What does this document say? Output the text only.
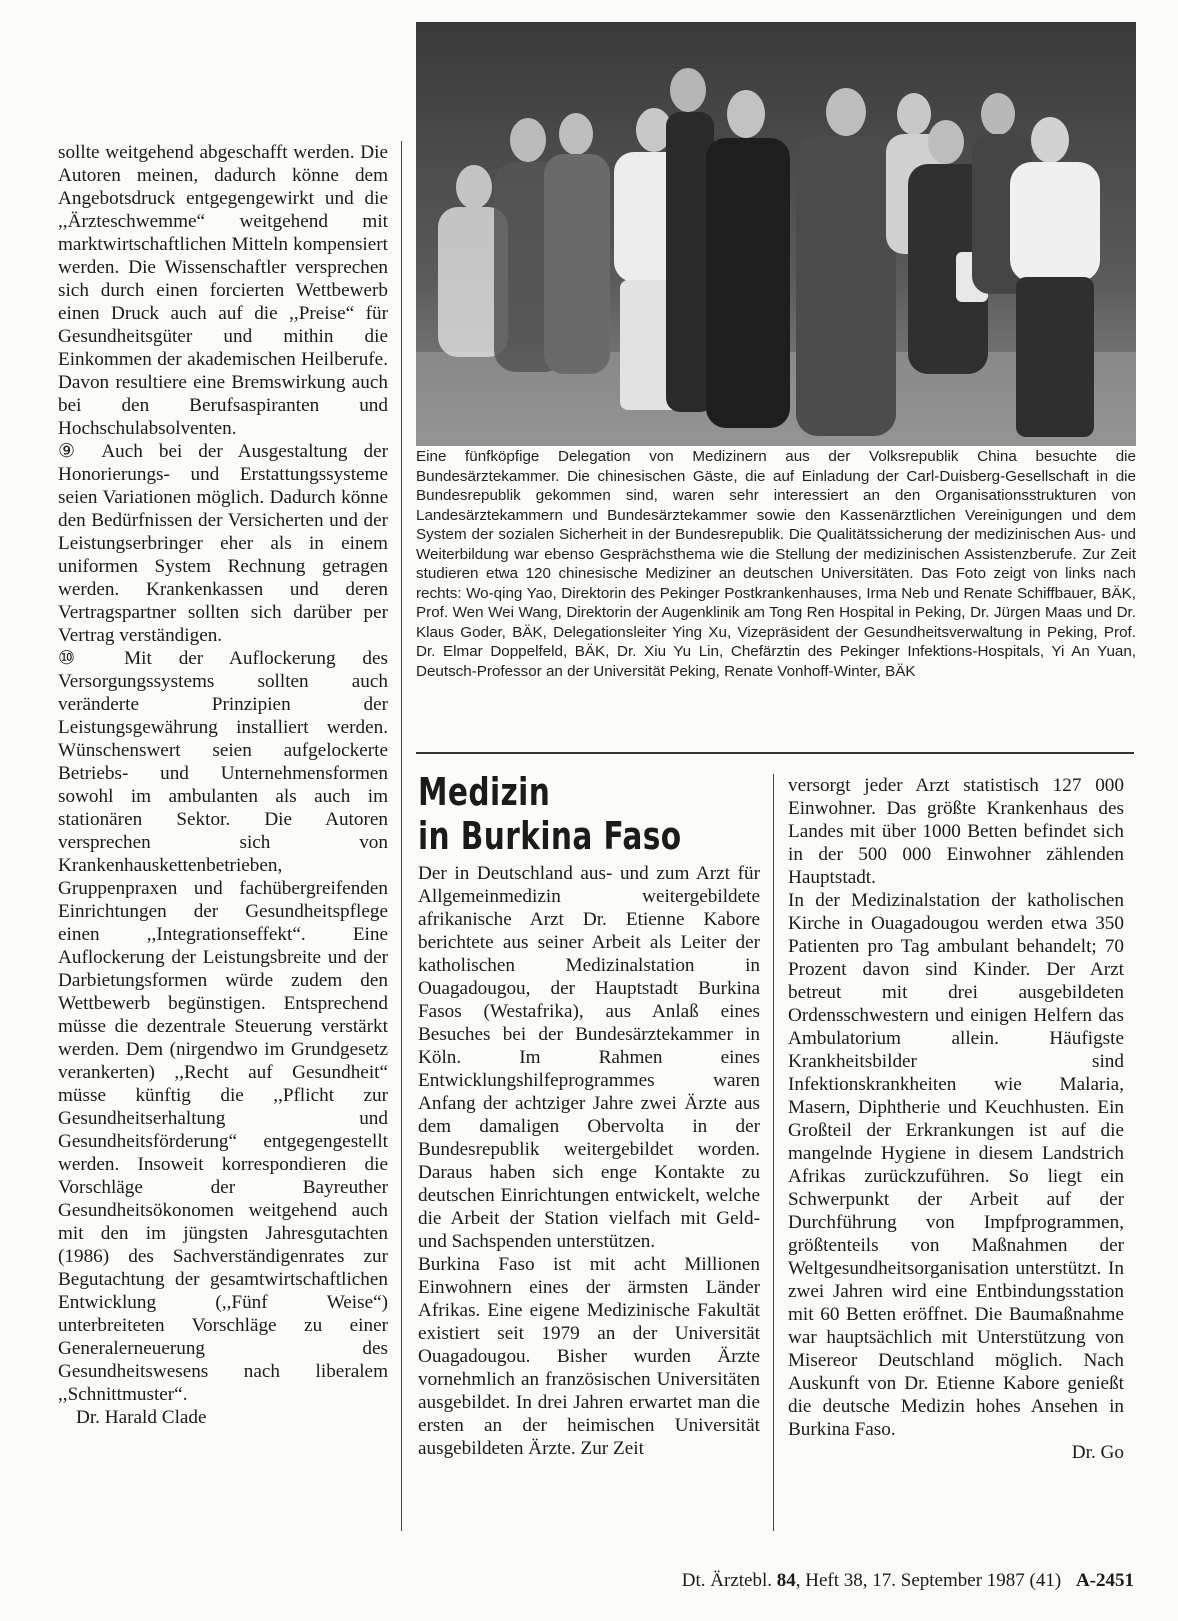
sollte weitgehend abgeschafft werden. Die Autoren meinen, dadurch könne dem Angebotsdruck entgegengewirkt und die ,,Ärzteschwemme“ weitgehend mit marktwirtschaftlichen Mitteln kompensiert werden. Die Wissenschaftler versprechen sich durch einen forcierten Wettbewerb einen Druck auch auf die ,,Preise“ für Gesundheitsgüter und mithin die Einkommen der akademischen Heilberufe. Davon resultiere eine Bremswirkung auch bei den Berufsaspiranten und Hochschulabsolventen.
⑨ Auch bei der Ausgestaltung der Honorierungs- und Erstattungssysteme seien Variationen möglich. Dadurch könne den Bedürfnissen der Versicherten und der Leistungserbringer eher als in einem uniformen System Rechnung getragen werden. Krankenkassen und deren Vertragspartner sollten sich darüber per Vertrag verständigen.
⑩ Mit der Auflockerung des Versorgungssystems sollten auch veränderte Prinzipien der Leistungsgewährung installiert werden. Wünschenswert seien aufgelockerte Betriebs- und Unternehmensformen sowohl im ambulanten als auch im stationären Sektor. Die Autoren versprechen sich von Krankenhauskettenbetrieben, Gruppenpraxen und fachübergreifenden Einrichtungen der Gesundheitspflege einen ,,Integrationseffekt“. Eine Auflockerung der Leistungsbreite und der Darbietungsformen würde zudem den Wettbewerb begünstigen. Entsprechend müsse die dezentrale Steuerung verstärkt werden. Dem (nirgendwo im Grundgesetz verankerten) ,,Recht auf Gesundheit“ müsse künftig die ,,Pflicht zur Gesundheitserhaltung und Gesundheitsförderung“ entgegengestellt werden. Insoweit korrespondieren die Vorschläge der Bayreuther Gesundheitsökonomen weitgehend auch mit den im jüngsten Jahresgutachten (1986) des Sachverständigenrates zur Begutachtung der gesamtwirtschaftlichen Entwicklung (,,Fünf Weise“) unterbreiteten Vorschläge zu einer Generalerneuerung des Gesundheitswesens nach liberalem ,,Schnittmuster“.

Dr. Harald Clade

Eine fünfköpfige Delegation von Medizinern aus der Volksrepublik China besuchte die Bundesärztekammer. Die chinesischen Gäste, die auf Einladung der Carl-Duisberg-Gesellschaft in die Bundesrepublik gekommen sind, waren sehr interessiert an den Organisationsstrukturen von Landesärztekammern und Bundesärztekammer sowie den Kassenärztlichen Vereinigungen und dem System der sozialen Sicherheit in der Bundesrepublik. Die Qualitätssicherung der medizinischen Aus- und Weiterbildung war ebenso Gesprächsthema wie die Stellung der medizinischen Assistenzberufe. Zur Zeit studieren etwa 120 chinesische Mediziner an deutschen Universitäten. Das Foto zeigt von links nach rechts: Wo-qing Yao, Direktorin des Pekinger Postkrankenhauses, Irma Neb und Renate Schiffbauer, BÄK, Prof. Wen Wei Wang, Direktorin der Augenklinik am Tong Ren Hospital in Peking, Dr. Jürgen Maas und Dr. Klaus Goder, BÄK, Delegationsleiter Ying Xu, Vizepräsident der Gesundheitsverwaltung in Peking, Prof. Dr. Elmar Doppelfeld, BÄK, Dr. Xiu Yu Lin, Chefärztin des Pekinger Infektions-Hospitals, Yi An Yuan, Deutsch-Professor an der Universität Peking, Renate Vonhoff-Winter, BÄK

Medizin
in Burkina Faso

Der in Deutschland aus- und zum Arzt für Allgemeinmedizin weitergebildete afrikanische Arzt Dr. Etienne Kabore berichtete aus seiner Arbeit als Leiter der katholischen Medizinalstation in Ouagadougou, der Hauptstadt Burkina Fasos (Westafrika), aus Anlaß eines Besuches bei der Bundesärztekammer in Köln. Im Rahmen eines Entwicklungshilfeprogrammes waren Anfang der achtziger Jahre zwei Ärzte aus dem damaligen Obervolta in der Bundesrepublik weitergebildet worden. Daraus haben sich enge Kontakte zu deutschen Einrichtungen entwickelt, welche die Arbeit der Station vielfach mit Geld- und Sachspenden unterstützen.
Burkina Faso ist mit acht Millionen Einwohnern eines der ärmsten Länder Afrikas. Eine eigene Medizinische Fakultät existiert seit 1979 an der Universität Ouagadougou. Bisher wurden Ärzte vornehmlich an französischen Universitäten ausgebildet. In drei Jahren erwartet man die ersten an der heimischen Universität ausgebildeten Ärzte. Zur Zeit

versorgt jeder Arzt statistisch 127 000 Einwohner. Das größte Krankenhaus des Landes mit über 1000 Betten befindet sich in der 500 000 Einwohner zählenden Hauptstadt.
In der Medizinalstation der katholischen Kirche in Ouagadougou werden etwa 350 Patienten pro Tag ambulant behandelt; 70 Prozent davon sind Kinder. Der Arzt betreut mit drei ausgebildeten Ordensschwestern und einigen Helfern das Ambulatorium allein. Häufigste Krankheitsbilder sind Infektionskrankheiten wie Malaria, Masern, Diphtherie und Keuchhusten. Ein Großteil der Erkrankungen ist auf die mangelnde Hygiene in diesem Landstrich Afrikas zurückzuführen. So liegt ein Schwerpunkt der Arbeit auf der Durchführung von Impfprogrammen, größtenteils von Maßnahmen der Weltgesundheitsorganisation unterstützt. In zwei Jahren wird eine Entbindungsstation mit 60 Betten eröffnet. Die Baumaßnahme war hauptsächlich mit Unterstützung von Misereor Deutschland möglich. Nach Auskunft von Dr. Etienne Kabore genießt die deutsche Medizin hohes Ansehen in Burkina Faso.

Dr. Go

Dt. Ärztebl. 84, Heft 38, 17. September 1987 (41) A-2451
